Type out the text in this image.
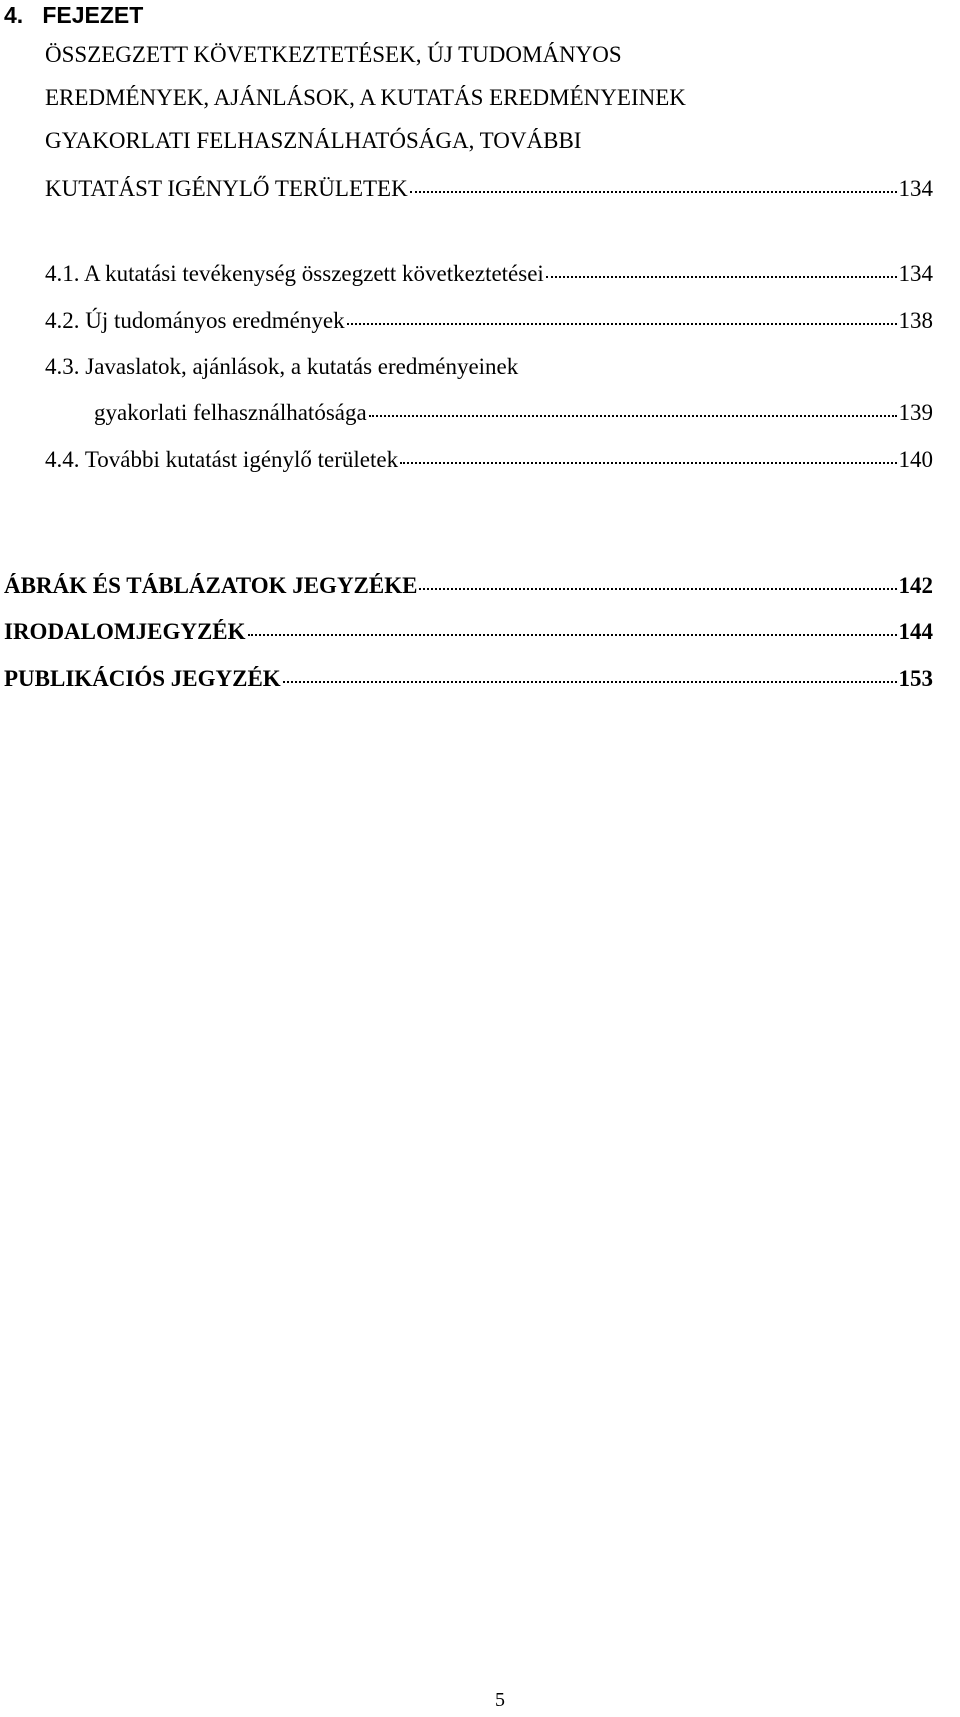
4. FEJEZET
ÖSSZEGZETT KÖVETKEZTETÉSEK, ÚJ TUDOMÁNYOS
EREDMÉNYEK, AJÁNLÁSOK, A KUTATÁS EREDMÉNYEINEK
GYAKORLATI FELHASZNÁLHATÓSÁGA, TOVÁBBI
KUTATÁST IGÉNYLŐ TERÜLETEK	134
4.1. A kutatási tevékenység összegzett következtetései	134
4.2. Új tudományos eredmények	138
4.3. Javaslatok, ajánlások, a kutatás eredményeinek
gyakorlati felhasználhatósága	139
4.4. További kutatást igénylő területek	140
ÁBRÁK ÉS TÁBLÁZATOK JEGYZÉKE	142
IRODALOMJEGYZÉK	144
PUBLIKÁCIÓS JEGYZÉK	153
5
